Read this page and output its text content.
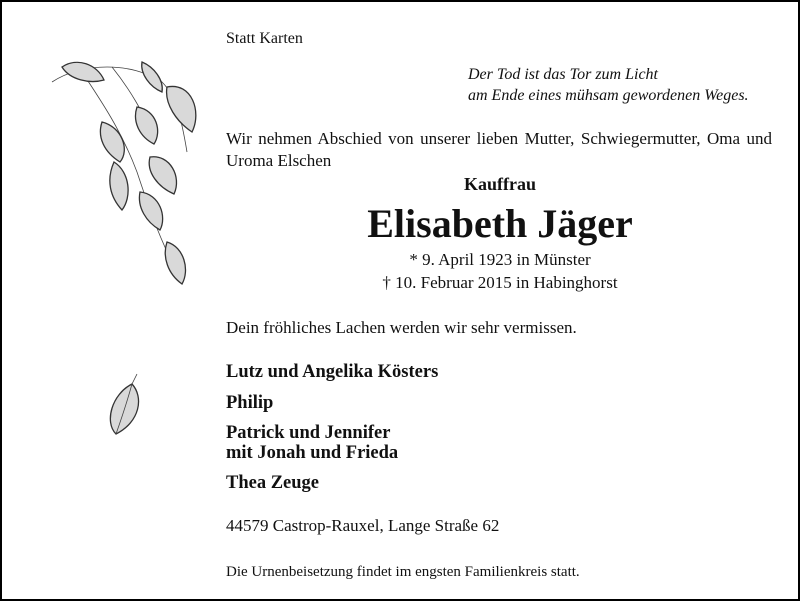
Statt Karten
Der Tod ist das Tor zum Licht
am Ende eines mühsam gewordenen Weges.
Wir nehmen Abschied von unserer lieben Mutter, Schwiegermutter, Oma und Uroma Elschen
Kauffrau
Elisabeth Jäger
* 9. April 1923 in Münster
† 10. Februar 2015 in Habinghorst
Dein fröhliches Lachen werden wir sehr vermissen.
Lutz und Angelika Kösters
Philip
Patrick und Jennifer
mit Jonah und Frieda
Thea Zeuge
44579 Castrop-Rauxel, Lange Straße 62
Die Urnenbeisetzung findet im engsten Familienkreis statt.
